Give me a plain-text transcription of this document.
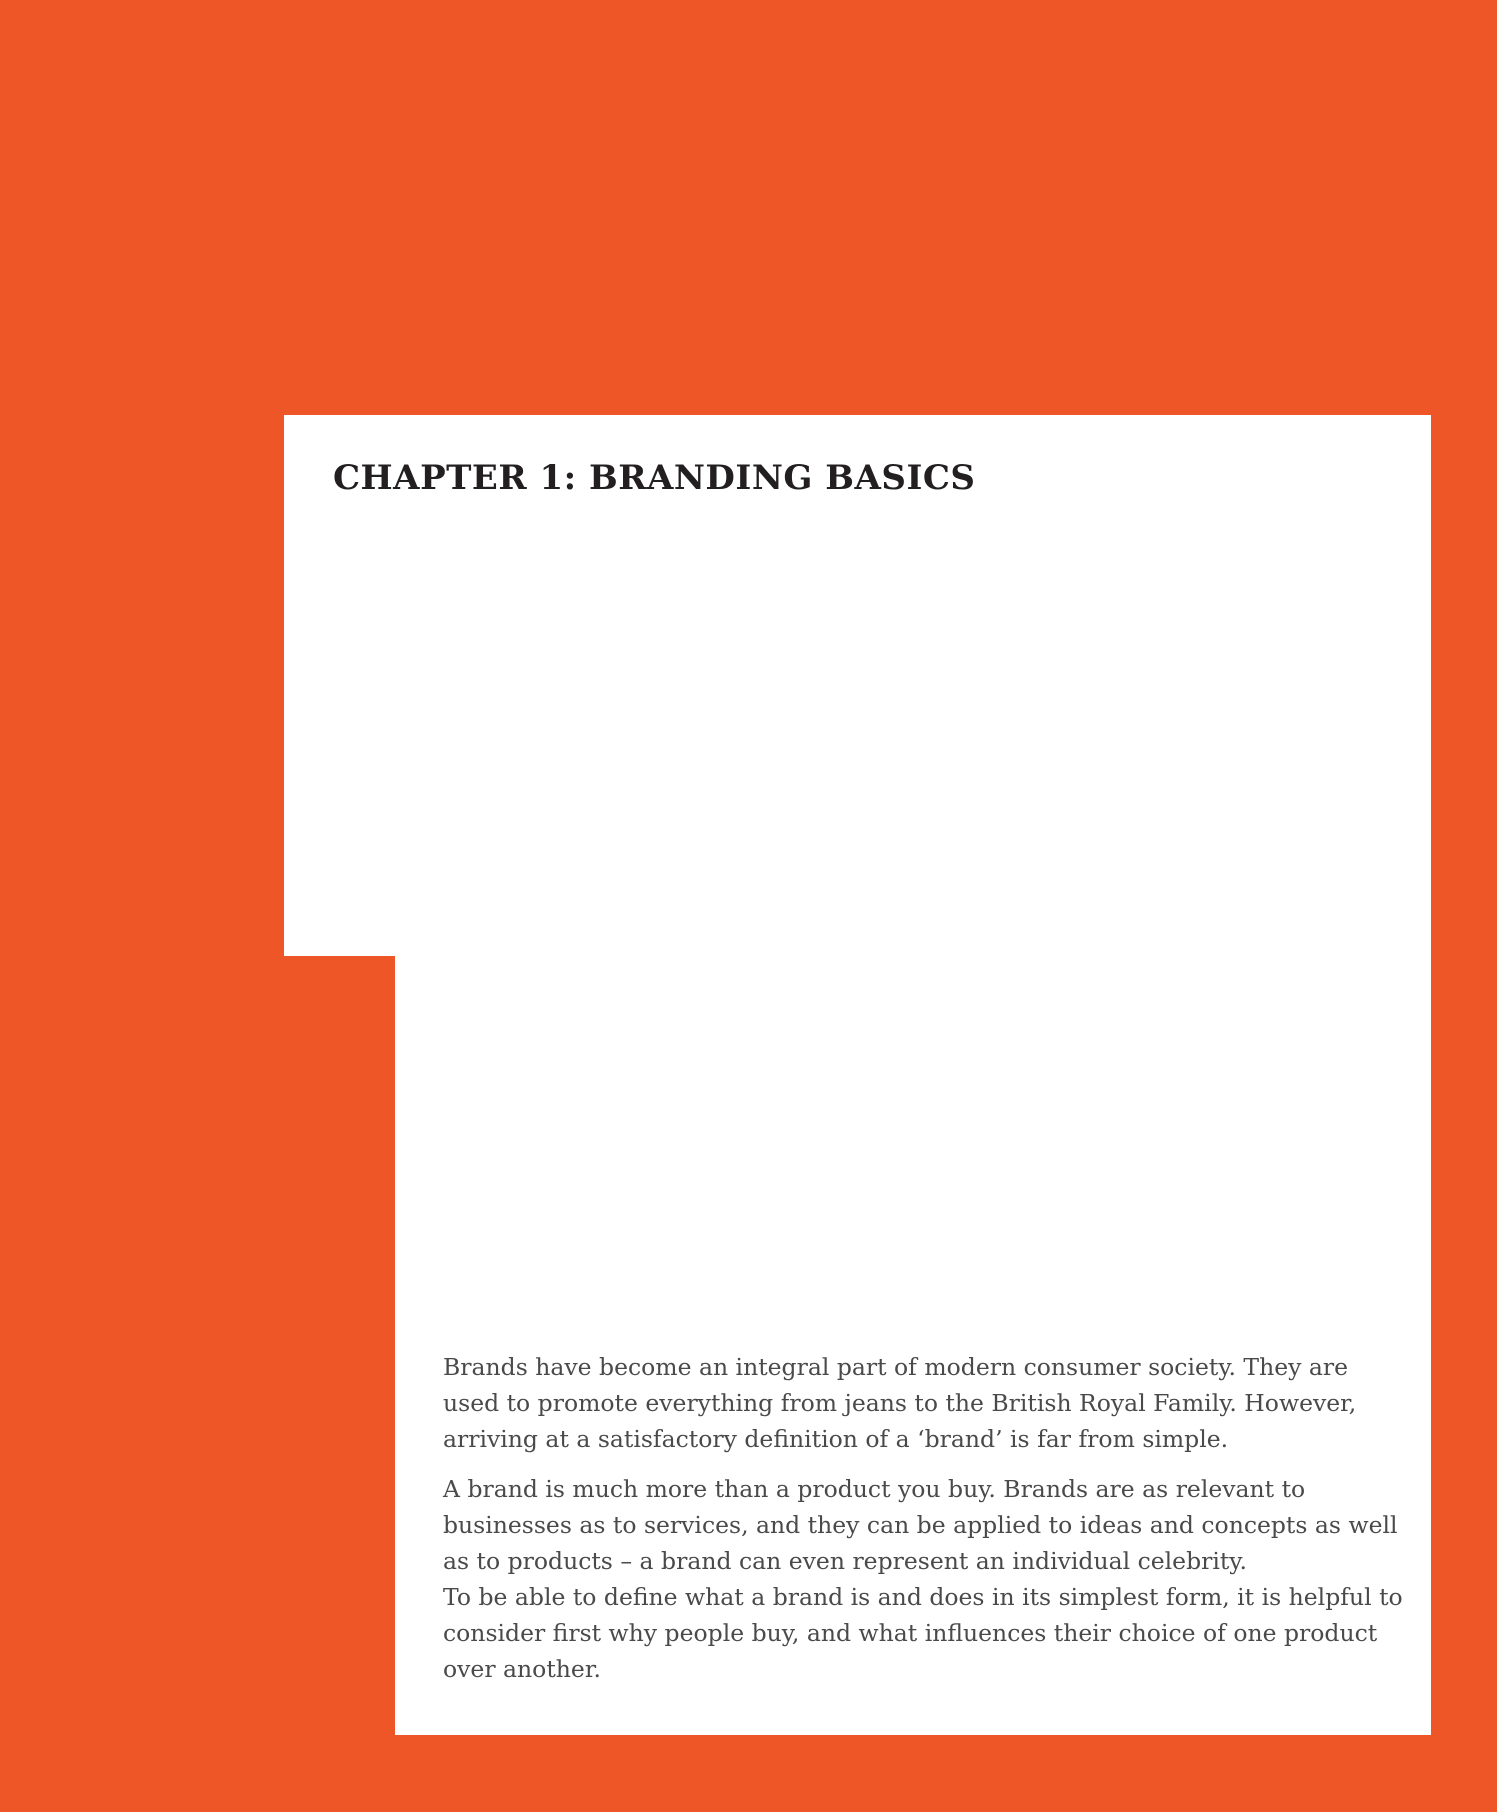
CHAPTER 1: BRANDING BASICS

Brands have become an integral part of modern consumer society. They are used to promote everything from jeans to the British Royal Family. However, arriving at a satisfactory definition of a ‘brand’ is far from simple.

A brand is much more than a product you buy. Brands are as relevant to businesses as to services, and they can be applied to ideas and concepts as well as to products – a brand can even represent an individual celebrity.

To be able to define what a brand is and does in its simplest form, it is helpful to consider first why people buy, and what influences their choice of one product over another.
